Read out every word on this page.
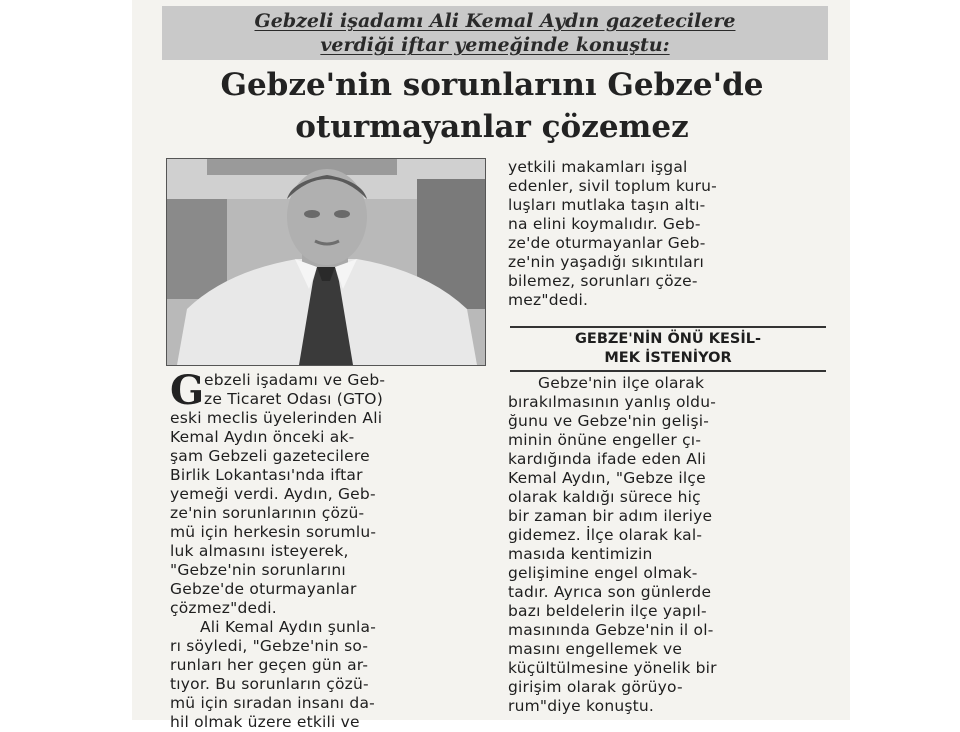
Gebzeli işadamı Ali Kemal Aydın gazetecilere
verdiği iftar yemeğinde konuştu:
Gebze'nin sorunlarını Gebze'de
oturmayanlar çözemez
G ebzeli işadamı ve Geb-
ze Ticaret Odası (GTO)
eski meclis üyelerinden Ali
Kemal Aydın önceki ak-
şam Gebzeli gazetecilere
Birlik Lokantası'nda iftar
yemeği verdi. Aydın, Geb-
ze'nin sorunlarının çözü-
mü için herkesin sorumlu-
luk almasını isteyerek,
"Gebze'nin sorunlarını
Gebze'de oturmayanlar
çözmez"dedi.
Ali Kemal Aydın şunla-
rı söyledi, "Gebze'nin so-
runları her geçen gün ar-
tıyor. Bu sorunların çözü-
mü için sıradan insanı da-
hil olmak üzere etkili ve
yetkili makamları işgal
edenler, sivil toplum kuru-
luşları mutlaka taşın altı-
na elini koymalıdır. Geb-
ze'de oturmayanlar Geb-
ze'nin yaşadığı sıkıntıları
bilemez, sorunları çöze-
mez"dedi.
GEBZE'NİN ÖNÜ KESİL-
MEK İSTENİYOR
Gebze'nin ilçe olarak
bırakılmasının yanlış oldu-
ğunu ve Gebze'nin gelişi-
minin önüne engeller çı-
kardığında ifade eden Ali
Kemal Aydın, "Gebze ilçe
olarak kaldığı sürece hiç
bir zaman bir adım ileriye
gidemez. İlçe olarak kal-
masıda kentimizin
gelişimine engel olmak-
tadır. Ayrıca son günlerde
bazı beldelerin ilçe yapıl-
masınında Gebze'nin il ol-
masını engellemek ve
küçültülmesine yönelik bir
girişim olarak görüyo-
rum"diye konuştu.
